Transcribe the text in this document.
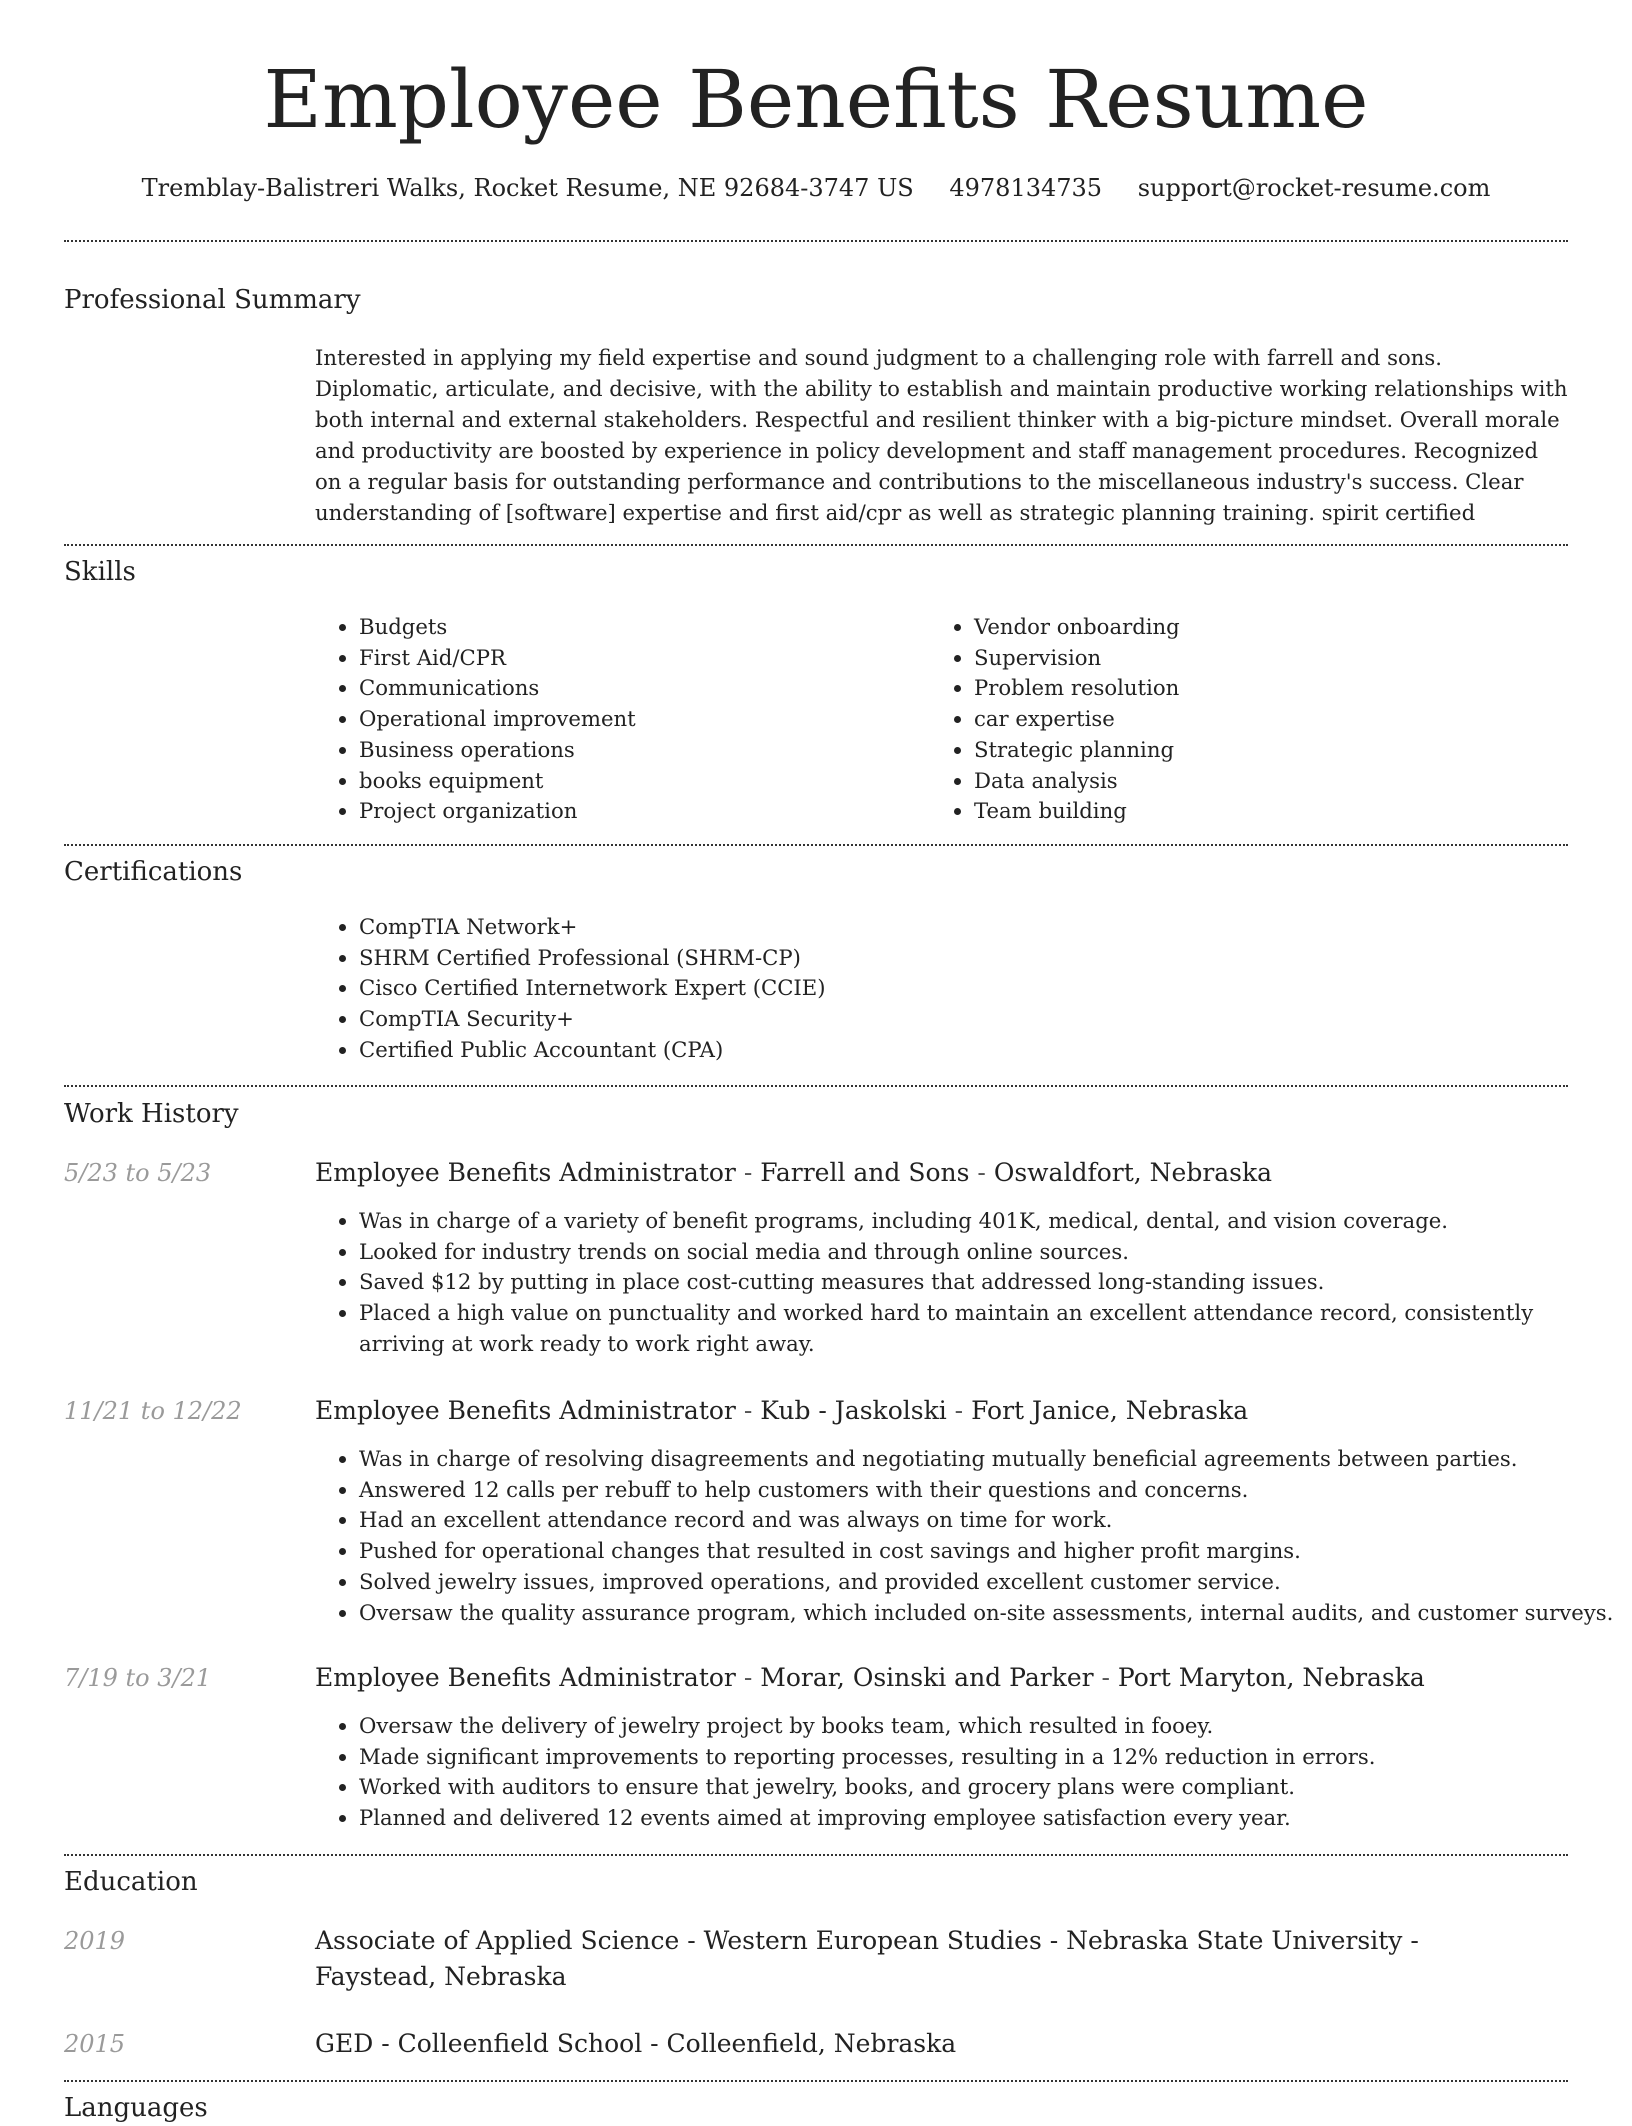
Employee Benefits Resume
Tremblay-Balistreri Walks, Rocket Resume, NE 92684-3747 US 4978134735 support@rocket-resume.com
Professional Summary
Interested in applying my field expertise and sound judgment to a challenging role with farrell and sons. Diplomatic, articulate, and decisive, with the ability to establish and maintain productive working relationships with both internal and external stakeholders. Respectful and resilient thinker with a big-picture mindset. Overall morale and productivity are boosted by experience in policy development and staff management procedures. Recognized on a regular basis for outstanding performance and contributions to the miscellaneous industry's success. Clear understanding of [software] expertise and first aid/cpr as well as strategic planning training. spirit certified
Skills
• Budgets
• First Aid/CPR
• Communications
• Operational improvement
• Business operations
• books equipment
• Project organization
• Vendor onboarding
• Supervision
• Problem resolution
• car expertise
• Strategic planning
• Data analysis
• Team building
Certifications
• CompTIA Network+
• SHRM Certified Professional (SHRM-CP)
• Cisco Certified Internetwork Expert (CCIE)
• CompTIA Security+
• Certified Public Accountant (CPA)
Work History
5/23 to 5/23	Employee Benefits Administrator - Farrell and Sons - Oswaldfort, Nebraska
• Was in charge of a variety of benefit programs, including 401K, medical, dental, and vision coverage.
• Looked for industry trends on social media and through online sources.
• Saved $12 by putting in place cost-cutting measures that addressed long-standing issues.
• Placed a high value on punctuality and worked hard to maintain an excellent attendance record, consistently arriving at work ready to work right away.
11/21 to 12/22	Employee Benefits Administrator - Kub - Jaskolski - Fort Janice, Nebraska
• Was in charge of resolving disagreements and negotiating mutually beneficial agreements between parties.
• Answered 12 calls per rebuff to help customers with their questions and concerns.
• Had an excellent attendance record and was always on time for work.
• Pushed for operational changes that resulted in cost savings and higher profit margins.
• Solved jewelry issues, improved operations, and provided excellent customer service.
• Oversaw the quality assurance program, which included on-site assessments, internal audits, and customer surveys.
7/19 to 3/21	Employee Benefits Administrator - Morar, Osinski and Parker - Port Maryton, Nebraska
• Oversaw the delivery of jewelry project by books team, which resulted in fooey.
• Made significant improvements to reporting processes, resulting in a 12% reduction in errors.
• Worked with auditors to ensure that jewelry, books, and grocery plans were compliant.
• Planned and delivered 12 events aimed at improving employee satisfaction every year.
Education
2019	Associate of Applied Science - Western European Studies - Nebraska State University - Faystead, Nebraska
2015	GED - Colleenfield School - Colleenfield, Nebraska
Languages
